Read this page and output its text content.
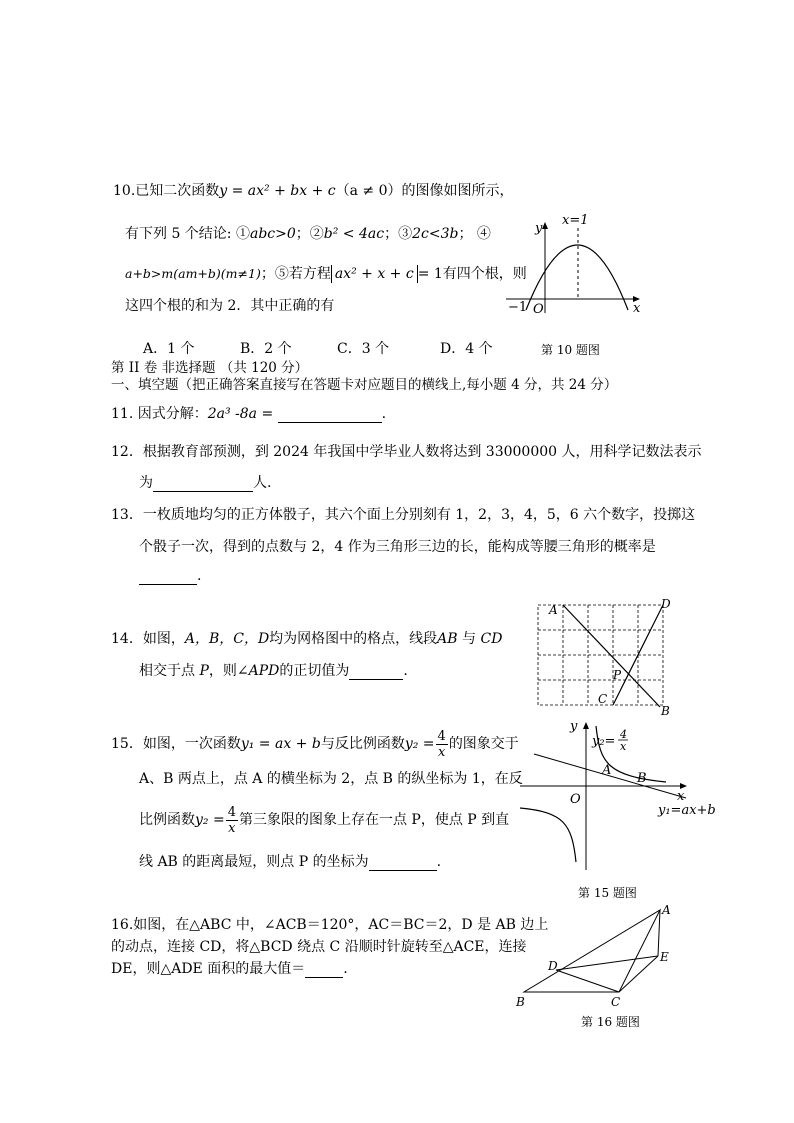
10.已知二次函数y = ax² + bx + c（a ≠ 0）的图像如图所示，
有下列 5 个结论: ①abc>0；②b² < 4ac；③2c<3b； ④
a+b>m(am+b)(m≠1)；⑤若方程 ax² + x + c = 1有四个根，则
这四个根的和为 2．其中正确的有
A．1 个	B．2 个	C．3 个	D．4 个
x=1
y
x
−1 O
第 10 题图
第 II 卷 非选择题 （共 120 分）
一、填空题（把正确答案直接写在答题卡对应题目的横线上,每小题 4 分，共 24 分）
11. 因式分解：2a³ -8a =	.
12．根据教育部预测，到 2024 年我国中学毕业人数将达到 33000000 人，用科学记数法表示
为	人.
13．一枚质地均匀的正方体骰子，其六个面上分别刻有 1，2，3，4，5，6 六个数字，投掷这
个骰子一次，得到的点数与 2，4 作为三角形三边的长，能构成等腰三角形的概率是
.
14．如图，A，B，C，D均为网格图中的格点，线段AB 与 CD
相交于点 P，则∠APD的正切值为	.
A
B
C
D
P
15．如图，一次函数y₁ = ax + b与反比例函数$y_2 = \frac{4}{x}$ 的图象交于
A、B 两点上，点 A 的横坐标为 2，点 B 的纵坐标为 1，在反
比例函数$y_2 = \frac{4}{x}$ 第三象限的图象上存在一点 P，使点 P 到直
线 AB 的距离最短，则点 P 的坐标为	.
y
x
O
A
B
y₂= 4
x
y₁=ax+b
第 15 题图
16.如图，在△ABC 中，∠ACB＝120°，AC＝BC＝2，D 是 AB 边上
的动点，连接 CD，将△BCD 绕点 C 沿顺时针旋转至△ACE，连接
DE，则△ADE 面积的最大值＝	.
A
B	C
D
E
第 16 题图
